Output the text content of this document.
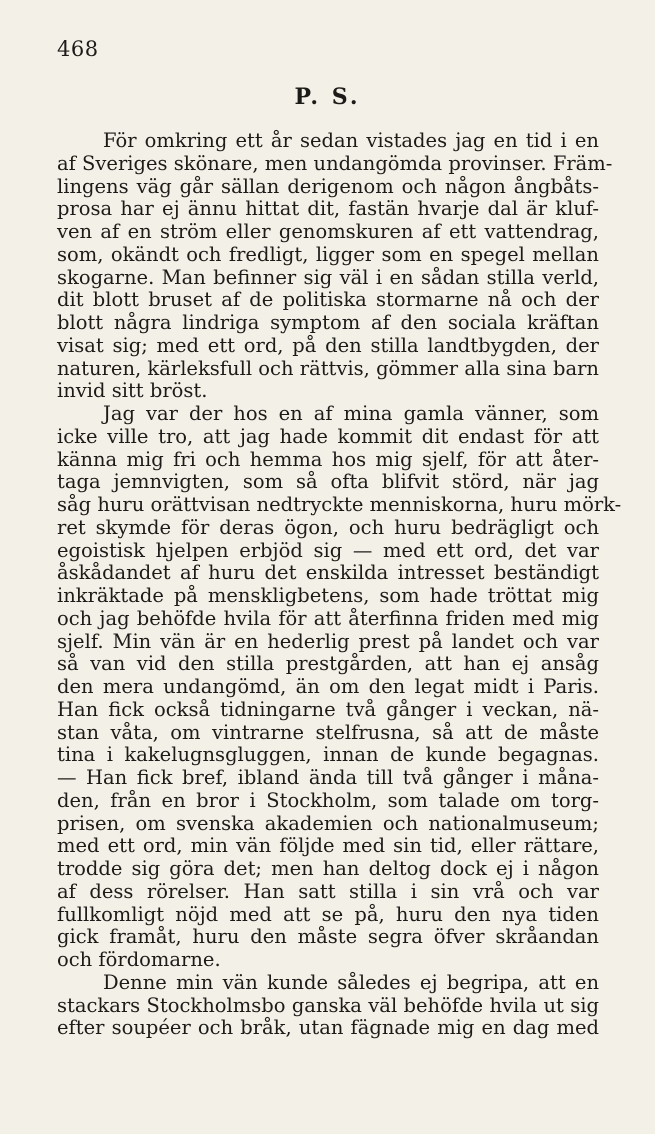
468
P. S.
För omkring ett år sedan vistades jag en tid i en
af Sveriges skönare, men undangömda provinser. Främ-
lingens väg går sällan derigenom och någon ångbåts-
prosa har ej ännu hittat dit, fastän hvarje dal är kluf-
ven af en ström eller genomskuren af ett vattendrag,
som, okändt och fredligt, ligger som en spegel mellan
skogarne. Man befinner sig väl i en sådan stilla verld,
dit blott bruset af de politiska stormarne nå och der
blott några lindriga symptom af den sociala kräftan
visat sig; med ett ord, på den stilla landtbygden, der
naturen, kärleksfull och rättvis, gömmer alla sina barn
invid sitt bröst.
Jag var der hos en af mina gamla vänner, som
icke ville tro, att jag hade kommit dit endast för att
känna mig fri och hemma hos mig sjelf, för att åter-
taga jemnvigten, som så ofta blifvit störd, när jag
såg huru orättvisan nedtryckte menniskorna, huru mörk-
ret skymde för deras ögon, och huru bedrägligt och
egoistisk hjelpen erbjöd sig — med ett ord, det var
åskådandet af huru det enskilda intresset beständigt
inkräktade på menskligbetens, som hade tröttat mig
och jag behöfde hvila för att återfinna friden med mig
sjelf. Min vän är en hederlig prest på landet och var
så van vid den stilla prestgården, att han ej ansåg
den mera undangömd, än om den legat midt i Paris.
Han fick också tidningarne två gånger i veckan, nä-
stan våta, om vintrarne stelfrusna, så att de måste
tina i kakelugnsgluggen, innan de kunde begagnas.
— Han fick bref, ibland ända till två gånger i måna-
den, från en bror i Stockholm, som talade om torg-
prisen, om svenska akademien och nationalmuseum;
med ett ord, min vän följde med sin tid, eller rättare,
trodde sig göra det; men han deltog dock ej i någon
af dess rörelser. Han satt stilla i sin vrå och var
fullkomligt nöjd med att se på, huru den nya tiden
gick framåt, huru den måste segra öfver skråandan
och fördomarne.
Denne min vän kunde således ej begripa, att en
stackars Stockholmsbo ganska väl behöfde hvila ut sig
efter soupéer och bråk, utan fägnade mig en dag med
